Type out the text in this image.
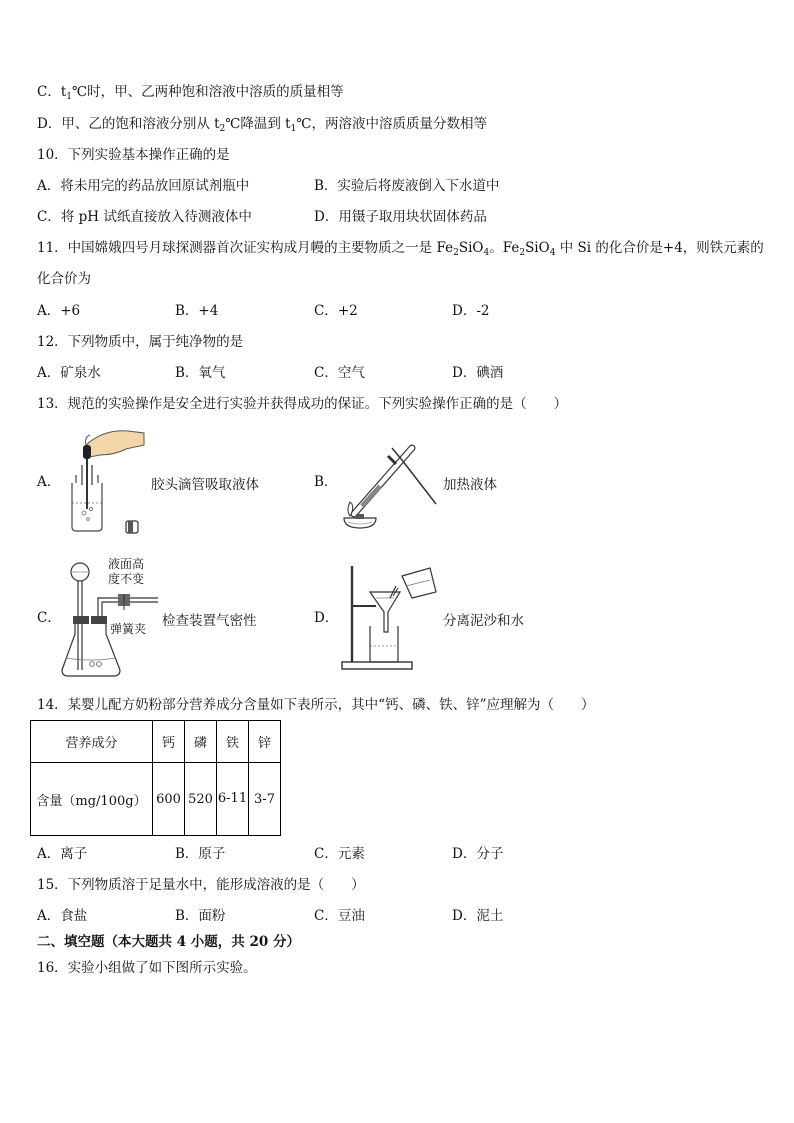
C．$t_1℃$时，甲、乙两种饱和溶液中溶质的质量相等
D．甲、乙的饱和溶液分别从 $t_2℃$降温到 $t_1℃$，两溶液中溶质质量分数相等
10．下列实验基本操作正确的是
A．将未用完的药品放回原试剂瓶中	B．实验后将废液倒入下水道中
C．将 pH 试纸直接放入待测液体中	D．用镊子取用块状固体药品
11．中国嫦娥四号月球探测器首次证实构成月幔的主要物质之一是 $Fe_2SiO_4$。$Fe_2SiO_4$ 中 Si 的化合价是+4，则铁元素的
化合价为
A．+6	B．+4	C．+2	D．-2
12．下列物质中，属于纯净物的是
A．矿泉水	B．氧气	C．空气	D．碘酒
13．规范的实验操作是安全进行实验并获得成功的保证。下列实验操作正确的是（　　）
A．	胶头滴管吸取液体	B．	加热液体
C．
液面高
度不变
弹簧夹 检查装置气密性	D．	分离泥沙和水
14．某婴儿配方奶粉部分营养成分含量如下表所示，其中“钙、磷、铁、锌”应理解为（　　）
营养成分	钙	磷	铁	锌
含量（mg/100g）	600	520	6-11	3-7
A．离子	B．原子	C．元素	D．分子
15．下列物质溶于足量水中，能形成溶液的是（　　）
A．食盐	B．面粉	C．豆油	D．泥土
二、填空题（本大题共 4 小题，共 20 分）
16．实验小组做了如下图所示实验。
